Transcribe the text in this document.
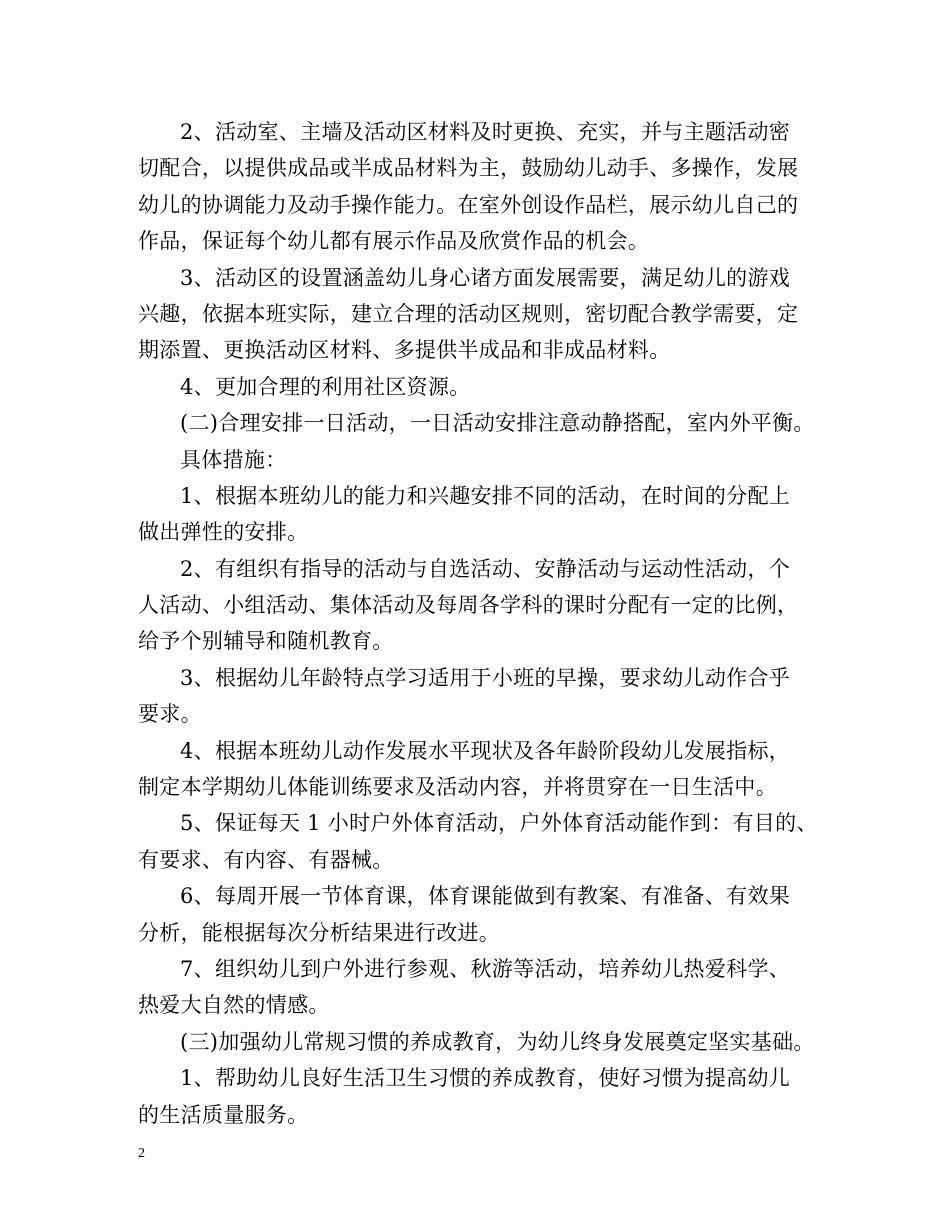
2、活动室、主墙及活动区材料及时更换、充实，并与主题活动密
切配合，以提供成品或半成品材料为主，鼓励幼儿动手、多操作，发展
幼儿的协调能力及动手操作能力。在室外创设作品栏，展示幼儿自己的
作品，保证每个幼儿都有展示作品及欣赏作品的机会。
3、活动区的设置涵盖幼儿身心诸方面发展需要，满足幼儿的游戏
兴趣，依据本班实际，建立合理的活动区规则，密切配合教学需要，定
期添置、更换活动区材料、多提供半成品和非成品材料。
4、更加合理的利用社区资源。
(二)合理安排一日活动，一日活动安排注意动静搭配，室内外平衡。
具体措施：
1、根据本班幼儿的能力和兴趣安排不同的活动，在时间的分配上
做出弹性的安排。
2、有组织有指导的活动与自选活动、安静活动与运动性活动，个
人活动、小组活动、集体活动及每周各学科的课时分配有一定的比例，
给予个别辅导和随机教育。
3、根据幼儿年龄特点学习适用于小班的早操，要求幼儿动作合乎
要求。
4、根据本班幼儿动作发展水平现状及各年龄阶段幼儿发展指标，
制定本学期幼儿体能训练要求及活动内容，并将贯穿在一日生活中。
5、保证每天 1 小时户外体育活动，户外体育活动能作到：有目的、
有要求、有内容、有器械。
6、每周开展一节体育课，体育课能做到有教案、有准备、有效果
分析，能根据每次分析结果进行改进。
7、组织幼儿到户外进行参观、秋游等活动，培养幼儿热爱科学、
热爱大自然的情感。
(三)加强幼儿常规习惯的养成教育，为幼儿终身发展奠定坚实基础。
1、帮助幼儿良好生活卫生习惯的养成教育，使好习惯为提高幼儿
的生活质量服务。
2
